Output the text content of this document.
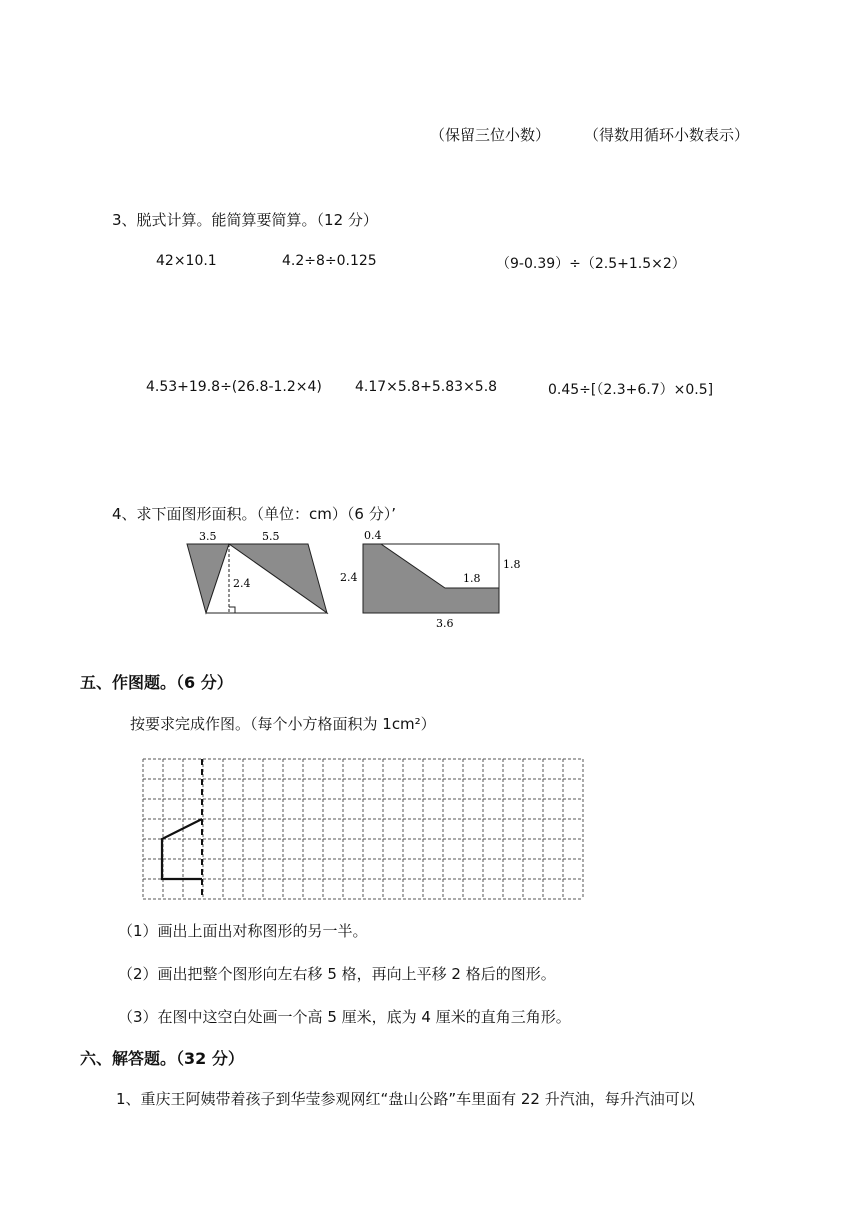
（保留三位小数） （得数用循环小数表示）
3、脱式计算。能简算要简算。（12 分）
42×10.1	4.2÷8÷0.125	（9-0.39）÷（2.5+1.5×2）
4.53+19.8÷(26.8-1.2×4) 4.17×5.8+5.83×5.8	0.45÷[（2.3+6.7）×0.5]
4、求下面图形面积。（单位：cm）（6 分）’
3.5	5.5
2.4
0.4
2.4
1.8
1.8
3.6
五、作图题。（6 分）
按要求完成作图。（每个小方格面积为 1cm²）
（1）画出上面出对称图形的另一半。
（2）画出把整个图形向左右移 5 格，再向上平移 2 格后的图形。
（3）在图中这空白处画一个高 5 厘米，底为 4 厘米的直角三角形。
六、解答题。（32 分）
1、重庆王阿姨带着孩子到华莹参观网红“盘山公路”车里面有 22 升汽油，每升汽油可以
